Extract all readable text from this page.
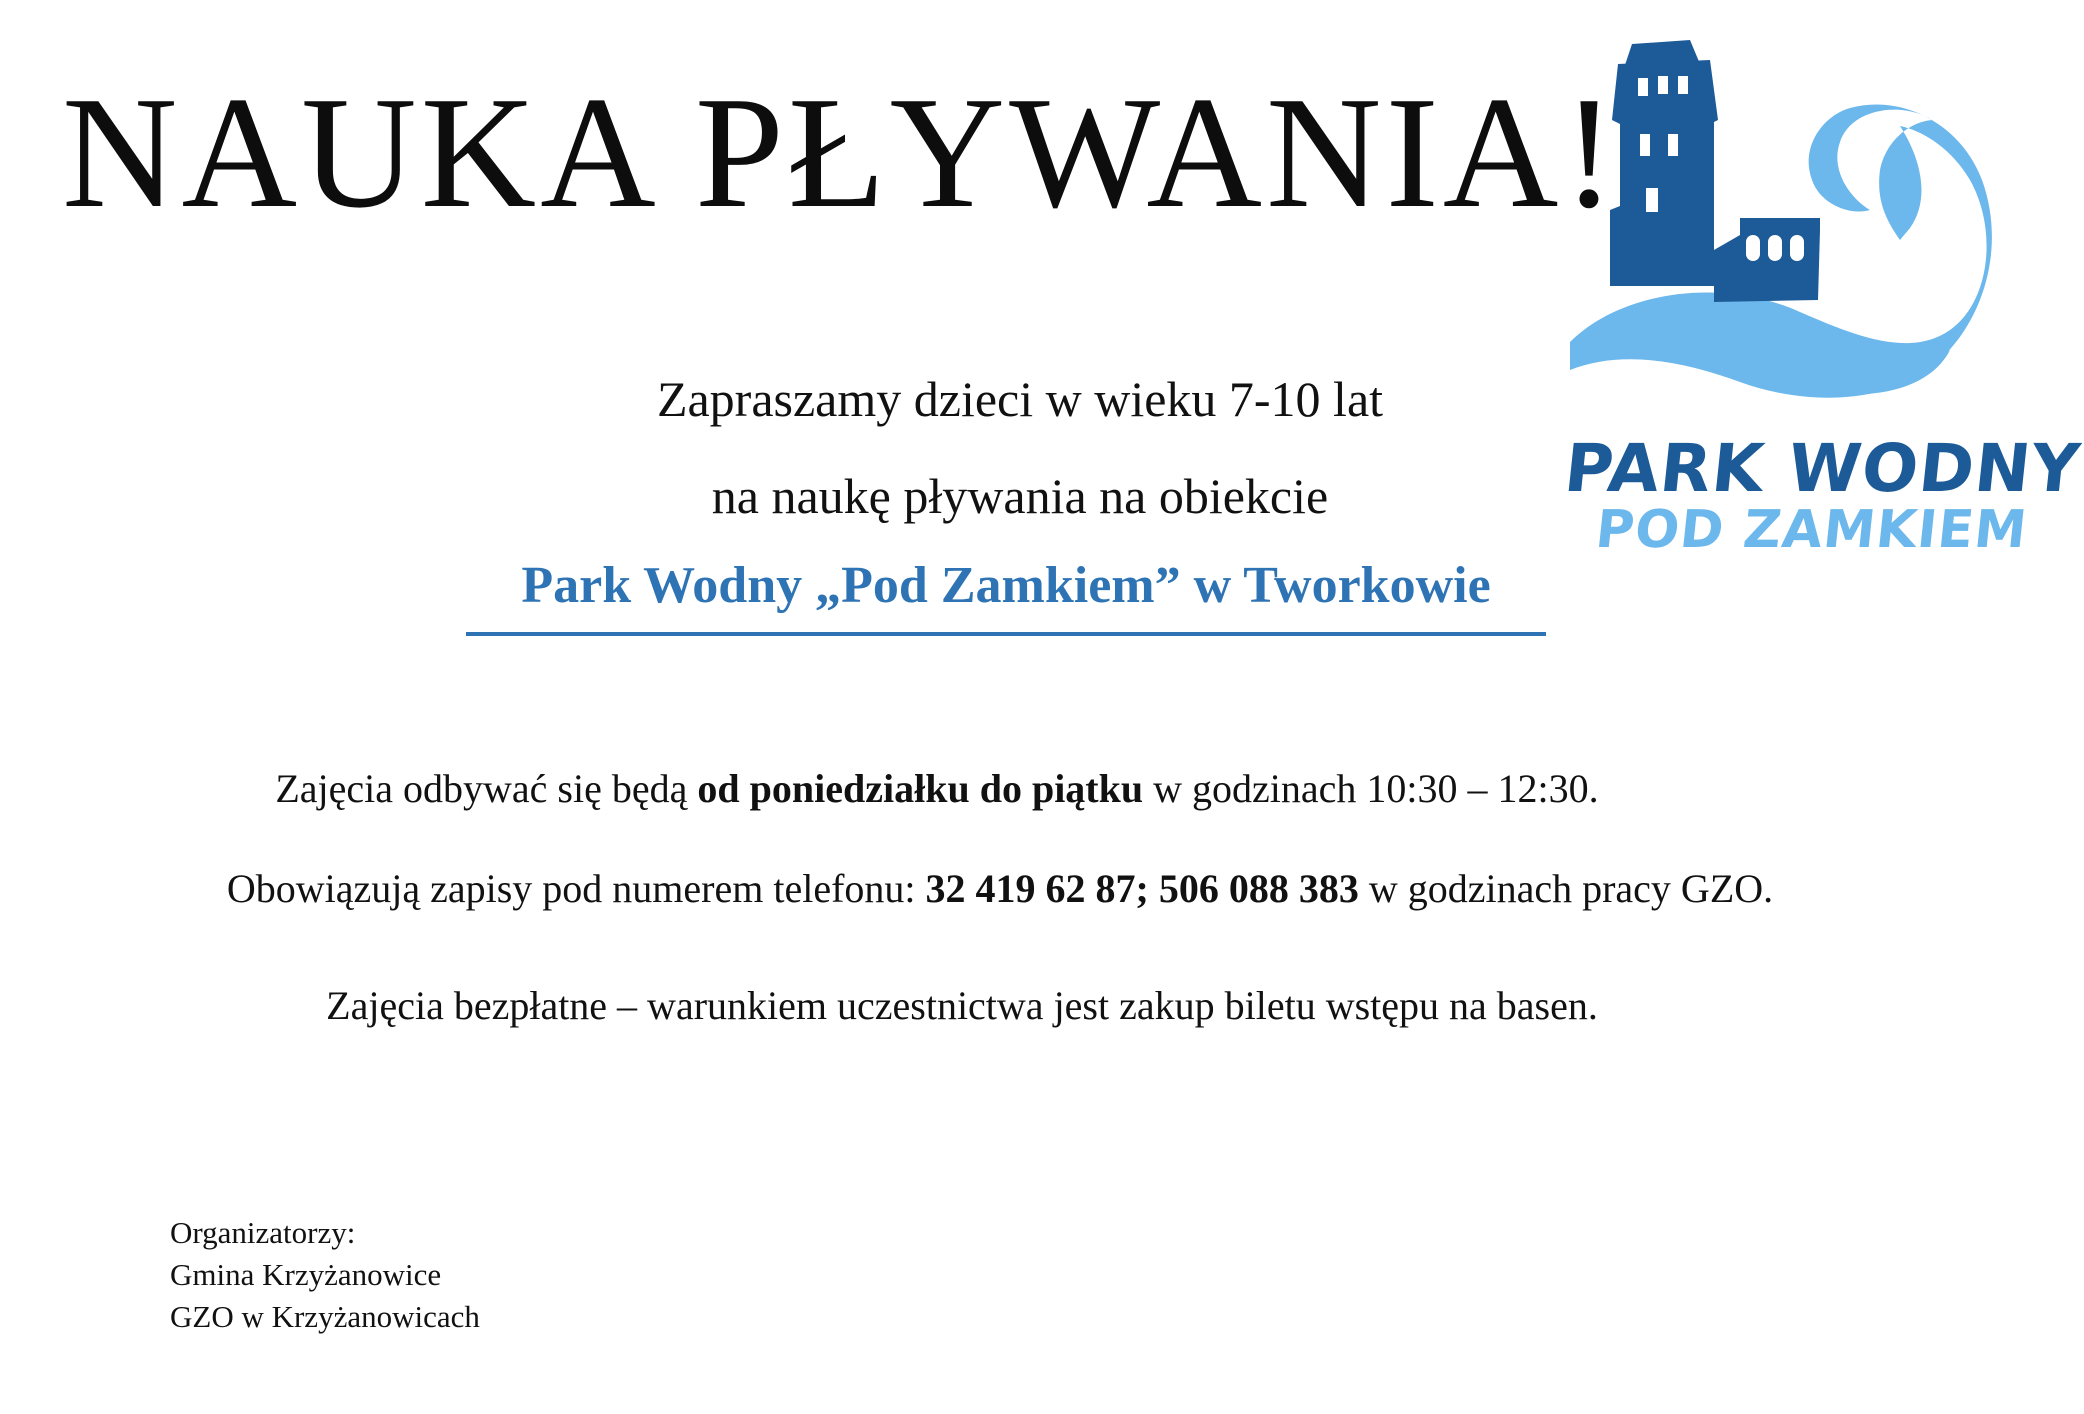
NAUKA PŁYWANIA!
PARK WODNY
POD ZAMKIEM

Zapraszamy dzieci w wieku 7-10 lat

na naukę pływania na obiekcie

Park Wodny „Pod Zamkiem” w Tworkowie

Zajęcia odbywać się będą od poniedziałku do piątku w godzinach 10:30 – 12:30.

Obowiązują zapisy pod numerem telefonu: 32 419 62 87; 506 088 383 w godzinach pracy GZO.

Zajęcia bezpłatne – warunkiem uczestnictwa jest zakup biletu wstępu na basen.

Organizatorzy:
Gmina Krzyżanowice
GZO w Krzyżanowicach
